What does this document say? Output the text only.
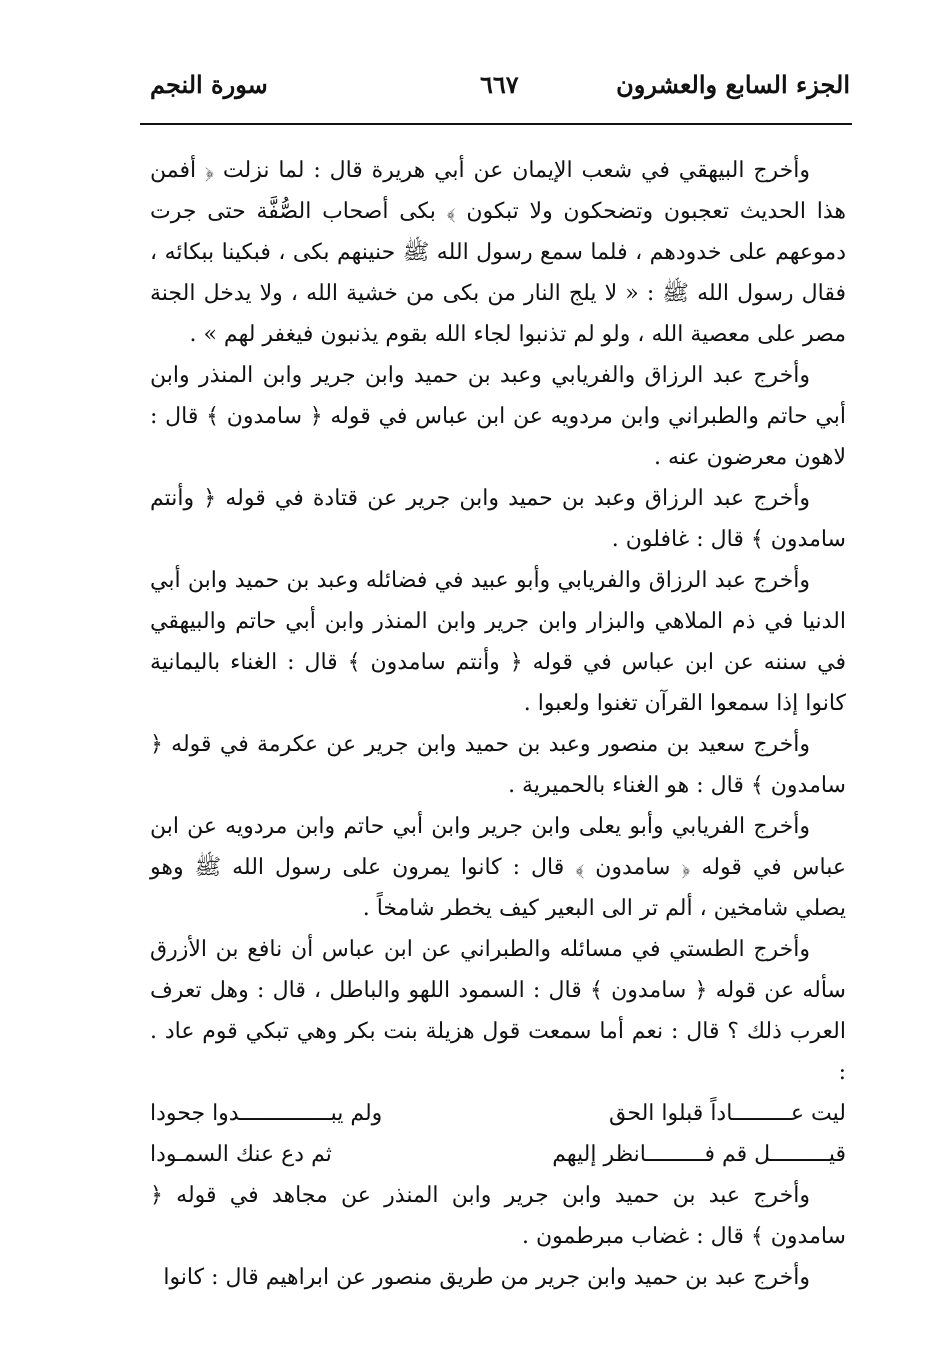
الجزء السابع والعشرون
٦٦٧
سورة النجم

وأخرج البيهقي في شعب الإيمان عن أبي هريرة قال : لما نزلت ﴿ أفمن هذا الحديث تعجبون وتضحكون ولا تبكون ﴾ بكى أصحاب الصُّفَّة حتى جرت دموعهم على خدودهم ، فلما سمع رسول الله ﷺ حنينهم بكى ، فبكينا ببكائه ، فقال رسول الله ﷺ : « لا يلج النار من بكى من خشية الله ، ولا يدخل الجنة مصر على معصية الله ، ولو لم تذنبوا لجاء الله بقوم يذنبون فيغفر لهم » .

وأخرج عبد الرزاق والفريابي وعبد بن حميد وابن جرير وابن المنذر وابن أبي حاتم والطبراني وابن مردويه عن ابن عباس في قوله ﴿ سامدون ﴾ قال : لاهون معرضون عنه .

وأخرج عبد الرزاق وعبد بن حميد وابن جرير عن قتادة في قوله ﴿ وأنتم سامدون ﴾ قال : غافلون .

وأخرج عبد الرزاق والفريابي وأبو عبيد في فضائله وعبد بن حميد وابن أبي الدنيا في ذم الملاهي والبزار وابن جرير وابن المنذر وابن أبي حاتم والبيهقي في سننه عن ابن عباس في قوله ﴿ وأنتم سامدون ﴾ قال : الغناء باليمانية كانوا إذا سمعوا القرآن تغنوا ولعبوا .

وأخرج سعيد بن منصور وعبد بن حميد وابن جرير عن عكرمة في قوله ﴿ سامدون ﴾ قال : هو الغناء بالحميرية .

وأخرج الفريابي وأبو يعلى وابن جرير وابن أبي حاتم وابن مردويه عن ابن عباس في قوله ﴿ سامدون ﴾ قال : كانوا يمرون على رسول الله ﷺ وهو يصلي شامخين ، ألم تر الى البعير كيف يخطر شامخاً .

وأخرج الطستي في مسائله والطبراني عن ابن عباس أن نافع بن الأزرق سأله عن قوله ﴿ سامدون ﴾ قال : السمود اللهو والباطل ، قال : وهل تعرف العرب ذلك ؟ قال : نعم أما سمعت قول هزيلة بنت بكر وهي تبكي قوم عاد . :

ليت عـــــــــاداً قبلوا الحق
ولم يبــــــــــــــدوا جحودا
قيـــــــــل قم فـــــــــانظر إليهم
ثم دع عنك السمـودا

وأخرج عبد بن حميد وابن جرير وابن المنذر عن مجاهد في قوله ﴿ سامدون ﴾ قال : غضاب مبرطمون .

وأخرج عبد بن حميد وابن جرير من طريق منصور عن ابراهيم قال : كانوا
